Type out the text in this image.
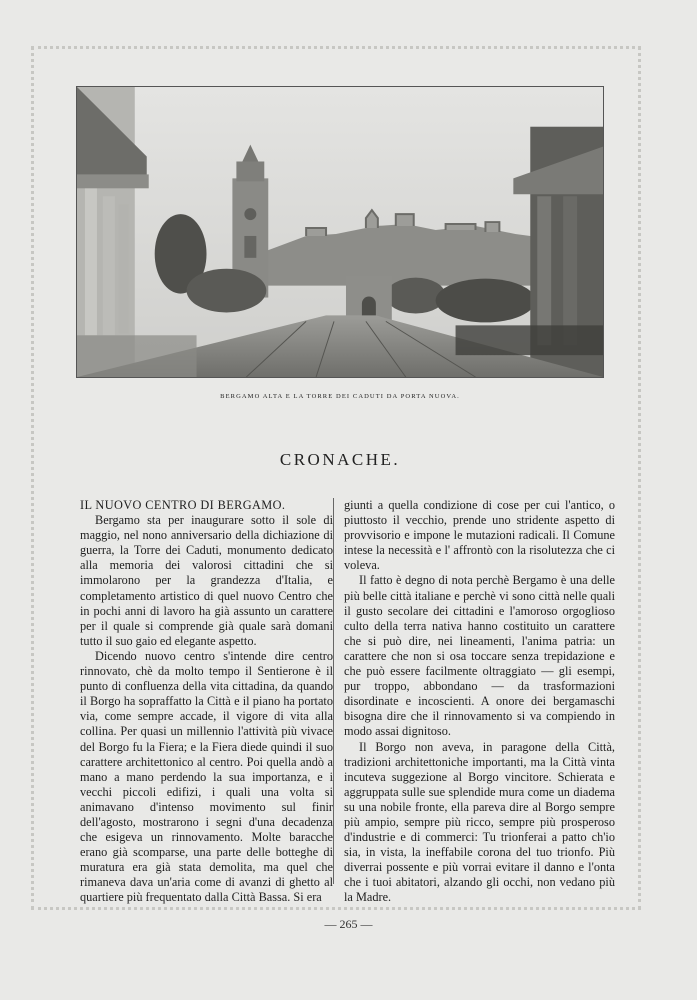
BERGAMO ALTA E LA TORRE DEI CADUTI DA PORTA NUOVA.
CRONACHE.

IL NUOVO CENTRO DI BERGAMO.

Bergamo sta per inaugurare sotto il sole di maggio, nel nono anniversario della dichiazione di guerra, la Torre dei Caduti, monumento dedicato alla memoria dei valorosi cittadini che si immolarono per la grandezza d'Italia, e completamento artistico di quel nuovo Centro che in pochi anni di lavoro ha già assunto un carattere per il quale si comprende già quale sarà domani tutto il suo gaio ed elegante aspetto.

Dicendo nuovo centro s'intende dire centro rinnovato, chè da molto tempo il Sentierone è il punto di confluenza della vita cittadina, da quando il Borgo ha sopraffatto la Città e il piano ha portato via, come sempre accade, il vigore di vita alla collina. Per quasi un millennio l'attività più vivace del Borgo fu la Fiera; e la Fiera diede quindi il suo carattere architettonico al centro. Poi quella andò a mano a mano perdendo la sua importanza, e i vecchi piccoli edifizi, i quali una volta si animavano d'intenso movimento sul finir dell'agosto, mostrarono i segni d'una decadenza che esigeva un rinnovamento. Molte baracche erano già scomparse, una parte delle botteghe di muratura era già stata demolita, ma quel che rimaneva dava un'aria come di avanzi di ghetto al quartiere più frequentato dalla Città Bassa. Si era

giunti a quella condizione di cose per cui l'antico, o piuttosto il vecchio, prende uno stridente aspetto di provvisorio e impone le mutazioni radicali. Il Comune intese la necessità e l' affrontò con la risolutezza che ci voleva.

Il fatto è degno di nota perchè Bergamo è una delle più belle città italiane e perchè vi sono città nelle quali il gusto secolare dei cittadini e l'amoroso orgoglioso culto della terra nativa hanno costituito un carattere che si può dire, nei lineamenti, l'anima patria: un carattere che non si osa toccare senza trepidazione e che può essere facilmente oltraggiato — gli esempi, pur troppo, abbondano — da trasformazioni disordinate e incoscienti. A onore dei bergamaschi bisogna dire che il rinnovamento si va compiendo in modo assai dignitoso.

Il Borgo non aveva, in paragone della Città, tradizioni architettoniche importanti, ma la Città vinta incuteva suggezione al Borgo vincitore. Schierata e aggruppata sulle sue splendide mura come un diadema su una nobile fronte, ella pareva dire al Borgo sempre più ampio, sempre più ricco, sempre più prosperoso d'industrie e di commerci: Tu trionferai a patto ch'io sia, in vista, la ineffabile corona del tuo trionfo. Più diverrai possente e più vorrai evitare il danno e l'onta che i tuoi abitatori, alzando gli occhi, non vedano più la Madre.

— 265 —
